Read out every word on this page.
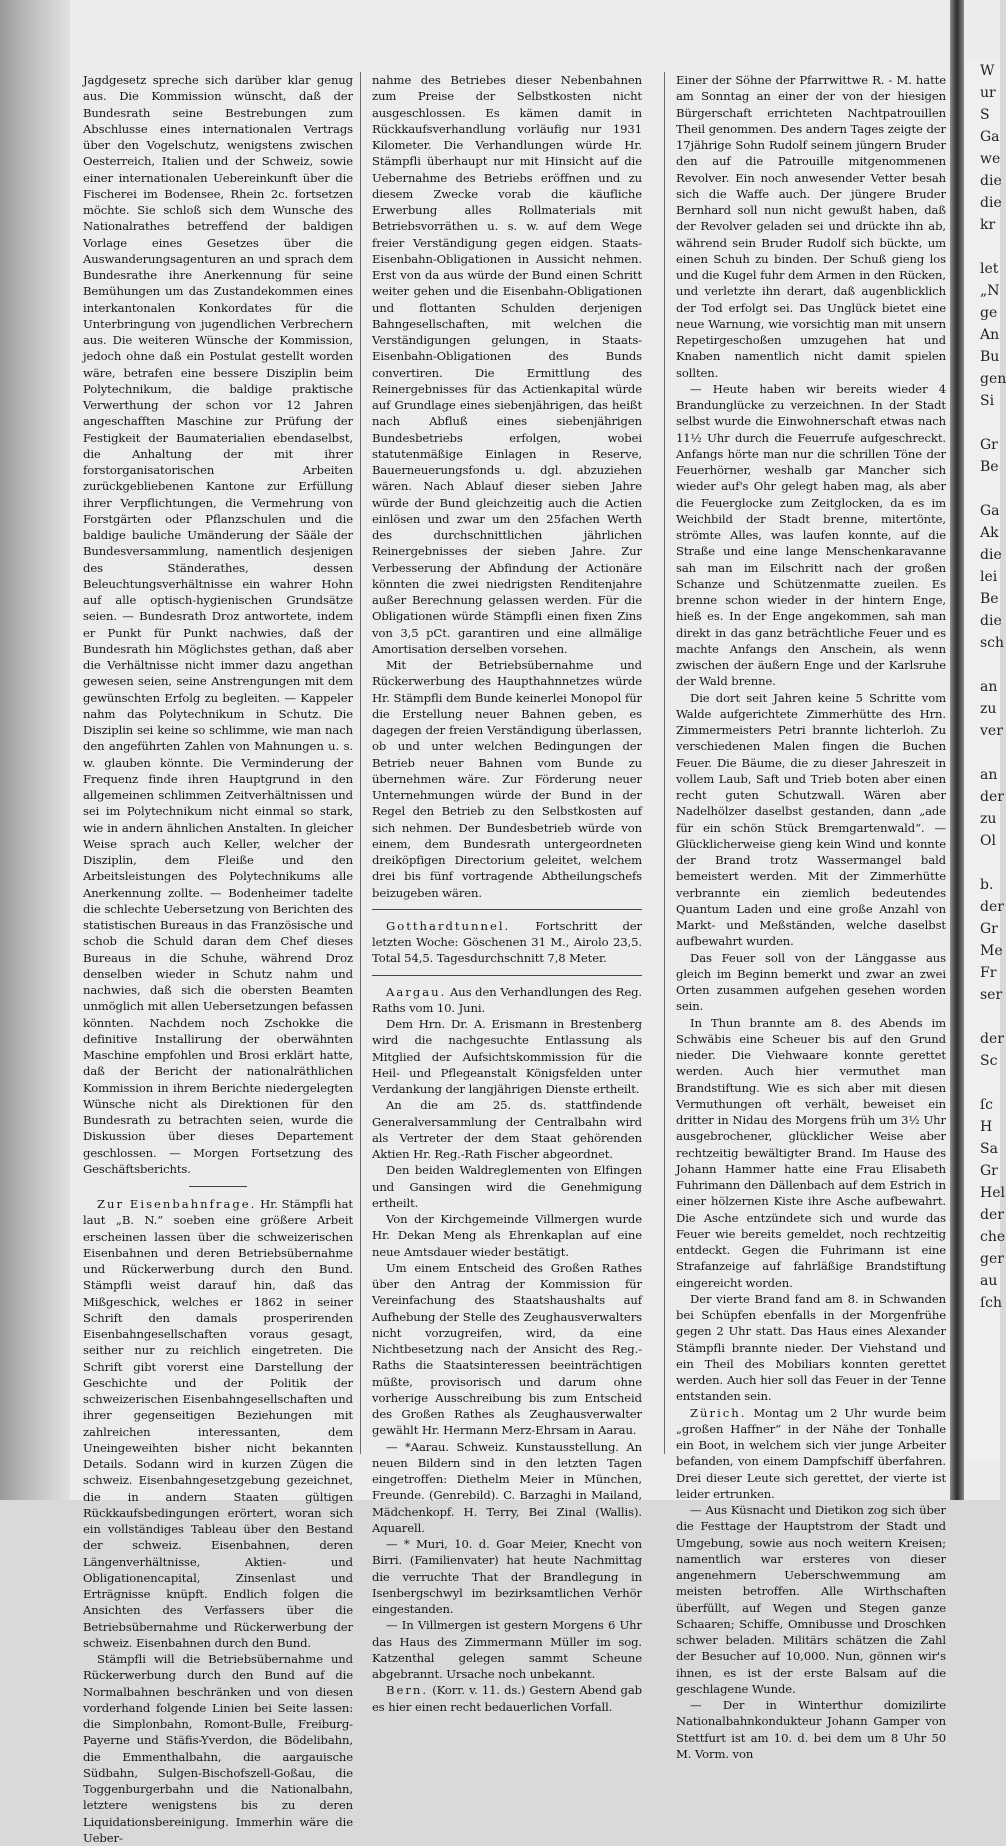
Jagdgesetz spreche sich darüber klar genug aus. Die Kommission wünscht, daß der Bundesrath seine Bestrebungen zum Abschlusse eines internationalen Vertrags über den Vogelschutz, wenigstens zwischen Oesterreich, Italien und der Schweiz, sowie einer internationalen Uebereinkunft über die Fischerei im Bodensee, Rhein 2c. fortsetzen möchte. Sie schloß sich dem Wunsche des Nationalrathes betreffend der baldigen Vorlage eines Gesetzes über die Auswanderungsagenturen an und sprach dem Bundesrathe ihre Anerkennung für seine Bemühungen um das Zustandekommen eines interkantonalen Konkordates für die Unterbringung von jugendlichen Verbrechern aus. Die weiteren Wünsche der Kommission, jedoch ohne daß ein Postulat gestellt worden wäre, betrafen eine bessere Disziplin beim Polytechnikum, die baldige praktische Verwerthung der schon vor 12 Jahren angeschafften Maschine zur Prüfung der Festigkeit der Baumaterialien ebendaselbst, die Anhaltung der mit ihrer forstorganisatorischen Arbeiten zurückgebliebenen Kantone zur Erfüllung ihrer Verpflichtungen, die Vermehrung von Forstgärten oder Pflanzschulen und die baldige bauliche Umänderung der Sääle der Bundesversammlung, namentlich desjenigen des Ständerathes, dessen Beleuchtungsverhältnisse ein wahrer Hohn auf alle optisch-hygienischen Grundsätze seien. — Bundesrath Droz antwortete, indem er Punkt für Punkt nachwies, daß der Bundesrath hin Möglichstes gethan, daß aber die Verhältnisse nicht immer dazu angethan gewesen seien, seine Anstrengungen mit dem gewünschten Erfolg zu begleiten. — Kappeler nahm das Polytechnikum in Schutz. Die Disziplin sei keine so schlimme, wie man nach den angeführten Zahlen von Mahnungen u. s. w. glauben könnte. Die Verminderung der Frequenz finde ihren Hauptgrund in den allgemeinen schlimmen Zeitverhältnissen und sei im Polytechnikum nicht einmal so stark, wie in andern ähnlichen Anstalten. In gleicher Weise sprach auch Keller, welcher der Disziplin, dem Fleiße und den Arbeitsleistungen des Polytechnikums alle Anerkennung zollte. — Bodenheimer tadelte die schlechte Uebersetzung von Berichten des statistischen Bureaus in das Französische und schob die Schuld daran dem Chef dieses Bureaus in die Schuhe, während Droz denselben wieder in Schutz nahm und nachwies, daß sich die obersten Beamten unmöglich mit allen Uebersetzungen befassen könnten. Nachdem noch Zschokke die definitive Installirung der oberwähnten Maschine empfohlen und Brosi erklärt hatte, daß der Bericht der nationalräthlichen Kommission in ihrem Berichte niedergelegten Wünsche nicht als Direktionen für den Bundesrath zu betrachten seien, wurde die Diskussion über dieses Departement geschlossen. — Morgen Fortsetzung des Geschäftsberichts.

Zur Eisenbahnfrage. Hr. Stämpfli hat laut „B. N.“ soeben eine größere Arbeit erscheinen lassen über die schweizerischen Eisenbahnen und deren Betriebsübernahme und Rückerwerbung durch den Bund. Stämpfli weist darauf hin, daß das Mißgeschick, welches er 1862 in seiner Schrift den damals prosperirenden Eisenbahngesellschaften voraus gesagt, seither nur zu reichlich eingetreten. Die Schrift gibt vorerst eine Darstellung der Geschichte und der Politik der schweizerischen Eisenbahngesellschaften und ihrer gegenseitigen Beziehungen mit zahlreichen interessanten, dem Uneingeweihten bisher nicht bekannten Details. Sodann wird in kurzen Zügen die schweiz. Eisenbahngesetzgebung gezeichnet, die in andern Staaten gültigen Rückkaufsbedingungen erörtert, woran sich ein vollständiges Tableau über den Bestand der schweiz. Eisenbahnen, deren Längenverhältnisse, Aktien- und Obligationencapital, Zinsenlast und Erträgnisse knüpft. Endlich folgen die Ansichten des Verfassers über die Betriebsübernahme und Rückerwerbung der schweiz. Eisenbahnen durch den Bund.

Stämpfli will die Betriebsübernahme und Rückerwerbung durch den Bund auf die Normalbahnen beschränken und von diesen vorderhand folgende Linien bei Seite lassen: die Simplonbahn, Romont-Bulle, Freiburg-Payerne und Stäfis-Yverdon, die Bödelibahn, die Emmenthalbahn, die aargauische Südbahn, Sulgen-Bischofszell-Goßau, die Toggenburgerbahn und die Nationalbahn, letztere wenigstens bis zu deren Liquidationsbereinigung. Immerhin wäre die Ueber-

nahme des Betriebes dieser Nebenbahnen zum Preise der Selbstkosten nicht ausgeschlossen. Es kämen damit in Rückkaufsverhandlung vorläufig nur 1931 Kilometer. Die Verhandlungen würde Hr. Stämpfli überhaupt nur mit Hinsicht auf die Uebernahme des Betriebs eröffnen und zu diesem Zwecke vorab die käufliche Erwerbung alles Rollmaterials mit Betriebsvorräthen u. s. w. auf dem Wege freier Verständigung gegen eidgen. Staats-Eisenbahn-Obligationen in Aussicht nehmen. Erst von da aus würde der Bund einen Schritt weiter gehen und die Eisenbahn-Obligationen und flottanten Schulden derjenigen Bahngesellschaften, mit welchen die Verständigungen gelungen, in Staats-Eisenbahn-Obligationen des Bunds convertiren. Die Ermittlung des Reinergebnisses für das Actienkapital würde auf Grundlage eines siebenjährigen, das heißt nach Abfluß eines siebenjährigen Bundesbetriebs erfolgen, wobei statutenmäßige Einlagen in Reserve, Bauerneuerungsfonds u. dgl. abzuziehen wären. Nach Ablauf dieser sieben Jahre würde der Bund gleichzeitig auch die Actien einlösen und zwar um den 25fachen Werth des durchschnittlichen jährlichen Reinergebnisses der sieben Jahre. Zur Verbesserung der Abfindung der Actionäre könnten die zwei niedrigsten Renditenjahre außer Berechnung gelassen werden. Für die Obligationen würde Stämpfli einen fixen Zins von 3,5 pCt. garantiren und eine allmälige Amortisation derselben vorsehen.

Mit der Betriebsübernahme und Rückerwerbung des Haupthahnnetzes würde Hr. Stämpfli dem Bunde keinerlei Monopol für die Erstellung neuer Bahnen geben, es dagegen der freien Verständigung überlassen, ob und unter welchen Bedingungen der Betrieb neuer Bahnen vom Bunde zu übernehmen wäre. Zur Förderung neuer Unternehmungen würde der Bund in der Regel den Betrieb zu den Selbstkosten auf sich nehmen. Der Bundesbetrieb würde von einem, dem Bundesrath untergeordneten dreiköpfigen Directorium geleitet, welchem drei bis fünf vortragende Abtheilungschefs beizugeben wären.

Gotthardtunnel. Fortschritt der letzten Woche: Göschenen 31 M., Airolo 23,5. Total 54,5. Tagesdurchschnitt 7,8 Meter.

Aargau. Aus den Verhandlungen des Reg. Raths vom 10. Juni.

Dem Hrn. Dr. A. Erismann in Brestenberg wird die nachgesuchte Entlassung als Mitglied der Aufsichtskommission für die Heil- und Pflegeanstalt Königsfelden unter Verdankung der langjährigen Dienste ertheilt.

An die am 25. ds. stattfindende Generalversammlung der Centralbahn wird als Vertreter der dem Staat gehörenden Aktien Hr. Reg.-Rath Fischer abgeordnet.

Den beiden Waldreglementen von Elfingen und Gansingen wird die Genehmigung ertheilt.

Von der Kirchgemeinde Villmergen wurde Hr. Dekan Meng als Ehrenkaplan auf eine neue Amtsdauer wieder bestätigt.

Um einem Entscheid des Großen Rathes über den Antrag der Kommission für Vereinfachung des Staatshaushalts auf Aufhebung der Stelle des Zeughausverwalters nicht vorzugreifen, wird, da eine Nichtbesetzung nach der Ansicht des Reg.-Raths die Staatsinteressen beeinträchtigen müßte, provisorisch und darum ohne vorherige Ausschreibung bis zum Entscheid des Großen Rathes als Zeughausverwalter gewählt Hr. Hermann Merz-Ehrsam in Aarau.

— *Aarau. Schweiz. Kunstausstellung. An neuen Bildern sind in den letzten Tagen eingetroffen: Diethelm Meier in München, Freunde. (Genrebild). C. Barzaghi in Mailand, Mädchenkopf. H. Terry, Bei Zinal (Wallis). Aquarell.

— * Muri, 10. d. Goar Meier, Knecht von Birri. (Familienvater) hat heute Nachmittag die verruchte That der Brandlegung in Isenbergschwyl im bezirksamtlichen Verhör eingestanden.

— In Villmergen ist gestern Morgens 6 Uhr das Haus des Zimmermann Müller im sog. Katzenthal gelegen sammt Scheune abgebrannt. Ursache noch unbekannt.

Bern. (Korr. v. 11. ds.) Gestern Abend gab es hier einen recht bedauerlichen Vorfall.

Einer der Söhne der Pfarrwittwe R. - M. hatte am Sonntag an einer der von der hiesigen Bürgerschaft errichteten Nachtpatrouillen Theil genommen. Des andern Tages zeigte der 17jährige Sohn Rudolf seinem jüngern Bruder den auf die Patrouille mitgenommenen Revolver. Ein noch anwesender Vetter besah sich die Waffe auch. Der jüngere Bruder Bernhard soll nun nicht gewußt haben, daß der Revolver geladen sei und drückte ihn ab, während sein Bruder Rudolf sich bückte, um einen Schuh zu binden. Der Schuß gieng los und die Kugel fuhr dem Armen in den Rücken, und verletzte ihn derart, daß augenblicklich der Tod erfolgt sei. Das Unglück bietet eine neue Warnung, wie vorsichtig man mit unsern Repetirgeschoßen umzugehen hat und Knaben namentlich nicht damit spielen sollten.

— Heute haben wir bereits wieder 4 Brandunglücke zu verzeichnen. In der Stadt selbst wurde die Einwohnerschaft etwas nach 11½ Uhr durch die Feuerrufe aufgeschreckt. Anfangs hörte man nur die schrillen Töne der Feuerhörner, weshalb gar Mancher sich wieder auf's Ohr gelegt haben mag, als aber die Feuerglocke zum Zeitglocken, da es im Weichbild der Stadt brenne, mitertönte, strömte Alles, was laufen konnte, auf die Straße und eine lange Menschenkaravanne sah man im Eilschritt nach der großen Schanze und Schützenmatte zueilen. Es brenne schon wieder in der hintern Enge, hieß es. In der Enge angekommen, sah man direkt in das ganz beträchtliche Feuer und es machte Anfangs den Anschein, als wenn zwischen der äußern Enge und der Karlsruhe der Wald brenne.

Die dort seit Jahren keine 5 Schritte vom Walde aufgerichtete Zimmerhütte des Hrn. Zimmermeisters Petri brannte lichterloh. Zu verschiedenen Malen fingen die Buchen Feuer. Die Bäume, die zu dieser Jahreszeit in vollem Laub, Saft und Trieb boten aber einen recht guten Schutzwall. Wären aber Nadelhölzer daselbst gestanden, dann „ade für ein schön Stück Bremgartenwald“. — Glücklicherweise gieng kein Wind und konnte der Brand trotz Wassermangel bald bemeistert werden. Mit der Zimmerhütte verbrannte ein ziemlich bedeutendes Quantum Laden und eine große Anzahl von Markt- und Meßständen, welche daselbst aufbewahrt wurden.

Das Feuer soll von der Länggasse aus gleich im Beginn bemerkt und zwar an zwei Orten zusammen aufgehen gesehen worden sein.

In Thun brannte am 8. des Abends im Schwäbis eine Scheuer bis auf den Grund nieder. Die Viehwaare konnte gerettet werden. Auch hier vermuthet man Brandstiftung. Wie es sich aber mit diesen Vermuthungen oft verhält, beweiset ein dritter in Nidau des Morgens früh um 3½ Uhr ausgebrochener, glücklicher Weise aber rechtzeitig bewältigter Brand. Im Hause des Johann Hammer hatte eine Frau Elisabeth Fuhrimann den Dällenbach auf dem Estrich in einer hölzernen Kiste ihre Asche aufbewahrt. Die Asche entzündete sich und wurde das Feuer wie bereits gemeldet, noch rechtzeitig entdeckt. Gegen die Fuhrimann ist eine Strafanzeige auf fahrläßige Brandstiftung eingereicht worden.

Der vierte Brand fand am 8. in Schwanden bei Schüpfen ebenfalls in der Morgenfrühe gegen 2 Uhr statt. Das Haus eines Alexander Stämpfli brannte nieder. Der Viehstand und ein Theil des Mobiliars konnten gerettet werden. Auch hier soll das Feuer in der Tenne entstanden sein.

Zürich. Montag um 2 Uhr wurde beim „großen Haffner“ in der Nähe der Tonhalle ein Boot, in welchem sich vier junge Arbeiter befanden, von einem Dampfschiff überfahren. Drei dieser Leute sich gerettet, der vierte ist leider ertrunken.

— Aus Küsnacht und Dietikon zog sich über die Festtage der Hauptstrom der Stadt und Umgebung, sowie aus noch weitern Kreisen; namentlich war ersteres von dieser angenehmern Ueberschwemmung am meisten betroffen. Alle Wirthschaften überfüllt, auf Wegen und Stegen ganze Schaaren; Schiffe, Omnibusse und Droschken schwer beladen. Militärs schätzen die Zahl der Besucher auf 10,000. Nun, gönnen wir's ihnen, es ist der erste Balsam auf die geschlagene Wunde.

— Der in Winterthur domizilirte Nationalbahnkondukteur Johann Gamper von Stettfurt ist am 10. d. bei dem um 8 Uhr 50 M. Vorm. von

W
ur
S
Ga
we
die
die
kr

let
„N
ge
An
Bu
gen
Si

Gr
Be

Ga
Ak
die
lei
Be
die
sch

an
zu
ver

an
der
zu
Ol

b.
der
Gr
Me
Fr
ser

der
Sc

ſc
H
Sa
Gr
Hel
der
che
ger
au
ſch
